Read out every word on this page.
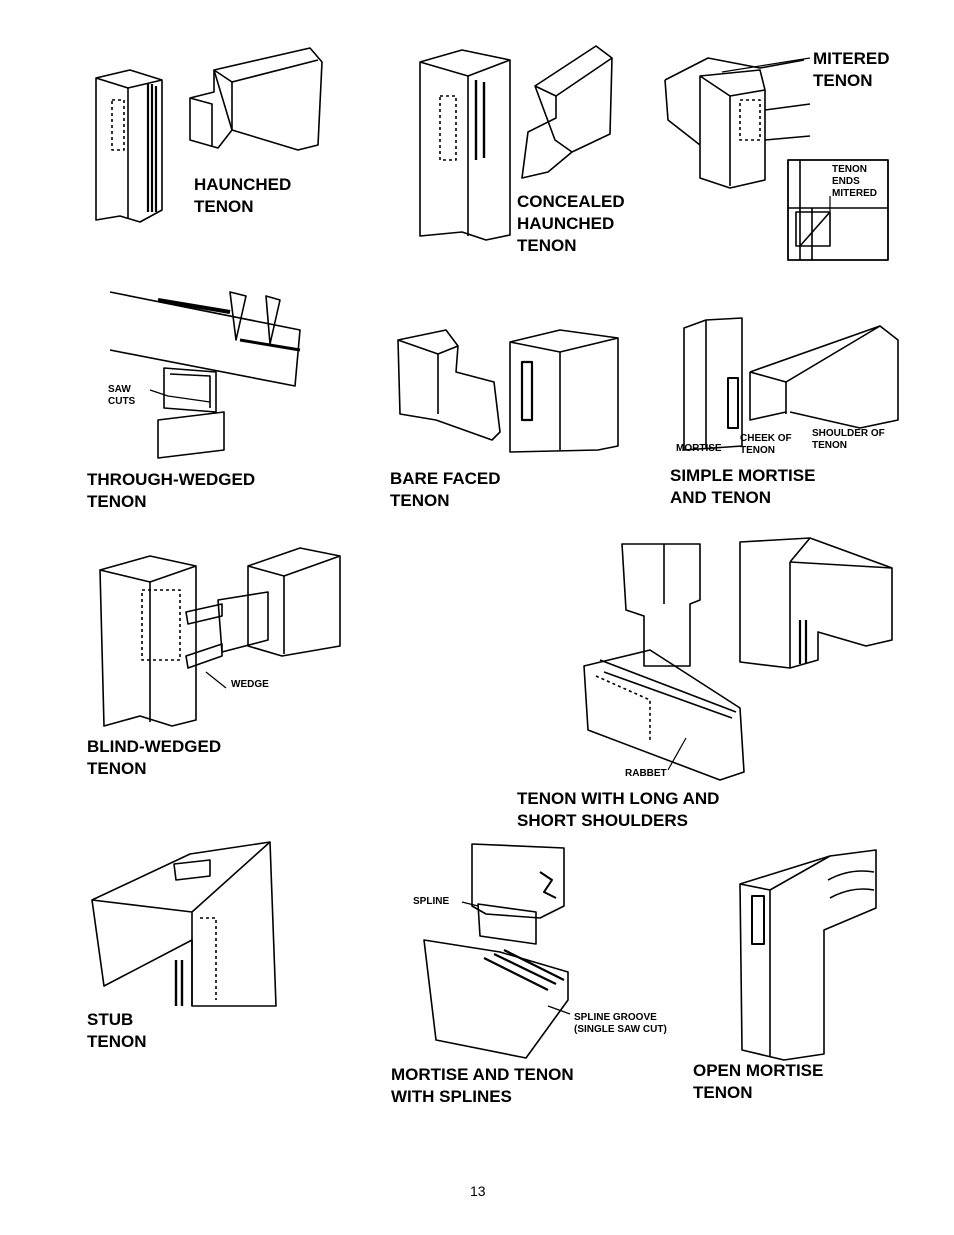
HAUNCHED
TENON	CONCEALED
HAUNCHED
TENON
MITERED
TENON
TENON
ENDS
MITERED
THROUGH-WEDGED
TENON
SAW
CUTS
BARE FACED
TENON
SIMPLE MORTISE
AND TENON
MORTISE
CHEEK OF
TENON
SHOULDER OF
TENON
BLIND-WEDGED
TENON
WEDGE
RABBET
TENON WITH LONG AND
SHORT SHOULDERS
STUB
TENON
SPLINE
SPLINE GROOVE
(SINGLE SAW CUT)
MORTISE AND TENON
WITH SPLINES
OPEN MORTISE
TENON
13
